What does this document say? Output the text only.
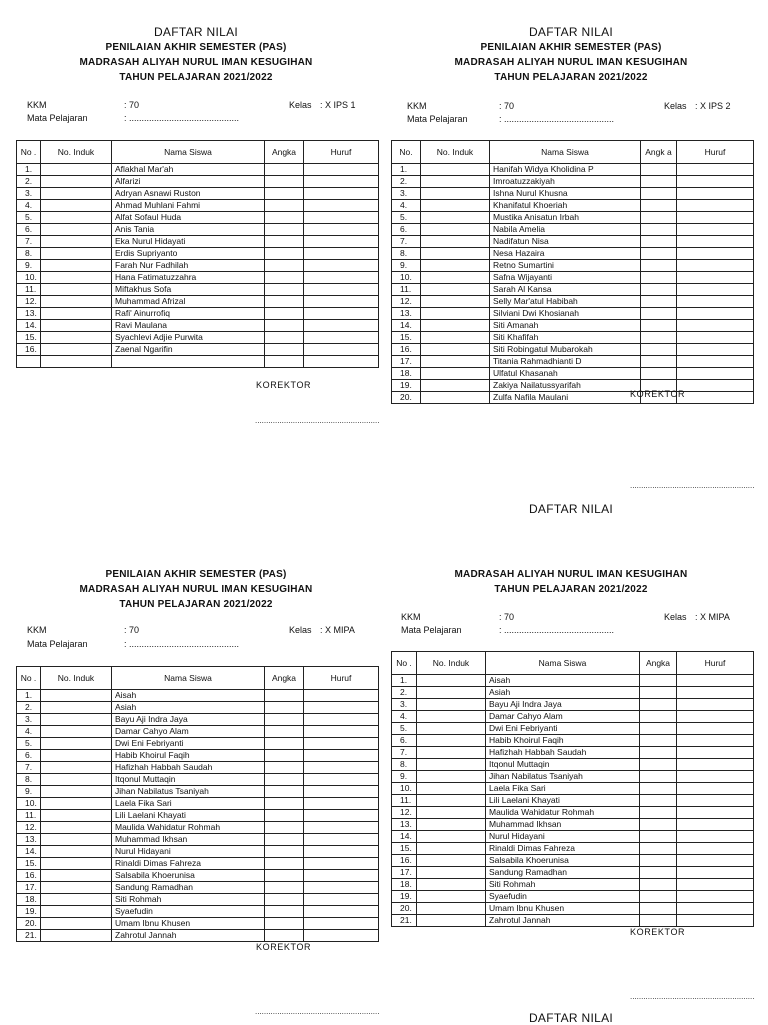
DAFTAR NILAI
PENILAIAN AKHIR SEMESTER (PAS)
MADRASAH ALIYAH NURUL IMAN KESUGIHAN
TAHUN PELAJARAN 2021/2022
KKM	: 70	Kelas : X IPS 1
Mata Pelajaran	: ............................................
No .	No. Induk	Nama Siswa	Angka	Huruf
1.		Aflakhal Mar'ah		
2.		Alfarizi		
3.		Adryan Asnawi Ruston		
4.		Ahmad Muhlani Fahmi		
5.		Alfat Sofaul Huda		
6.		Anis Tania		
7.		Eka Nurul Hidayati		
8.		Erdis Supriyanto		
9.		Farah Nur Fadhilah		
10.		Hana Fatimatuzzahra		
11.		Miftakhus Sofa		
12.		Muhammad Afrizal		
13.		Rafi' Ainurrofiq		
14.		Ravi Maulana		
15.		Syachlevi Adjie Purwita		
16.		Zaenal Ngarifin		

KOREKTOR
........................................................
DAFTAR NILAI
PENILAIAN AKHIR SEMESTER (PAS)
MADRASAH ALIYAH NURUL IMAN KESUGIHAN
TAHUN PELAJARAN 2021/2022
KKM	: 70	Kelas : X IPS 2
Mata Pelajaran	: ............................................
No.	No. Induk	Nama Siswa	Angk a	Huruf
1.		Hanifah Widya Kholidina P		
2.		Imroatuzzakiyah		
3.		Ishna Nurul Khusna		
4.		Khanifatul Khoeriah		
5.		Mustika Anisatun Irbah		
6.		Nabila Amelia		
7.		Nadifatun Nisa		
8.		Nesa Hazaira		
9.		Retno Sumartini		
10.		Safna Wijayanti		
11.		Sarah Al Kansa		
12.		Selly Mar'atul Habibah		
13.		Silviani Dwi Khosianah		
14.		Siti Amanah		
15.		Siti Khafifah		
16.		Siti Robingatul Mubarokah		
17.		Titania Rahmadhianti D		
18.		Ulfatul Khasanah		
19.		Zakiya Nailatussyarifah		
20.		Zulfa Nafila Maulani			KOREKTOR
........................................................
DAFTAR NILAI
PENILAIAN AKHIR SEMESTER (PAS)
MADRASAH ALIYAH NURUL IMAN KESUGIHAN
TAHUN PELAJARAN 2021/2022
KKM	: 70	Kelas : X MIPA
Mata Pelajaran	: ............................................
No .	No. Induk	Nama Siswa	Angka	Huruf
1.		Aisah		
2.		Asiah		
3.		Bayu Aji Indra Jaya		
4.		Damar Cahyo Alam		
5.		Dwi Eni Febriyanti		
6.		Habib Khoirul Faqih		
7.		Hafizhah Habbah Saudah		
8.		Itqonul Muttaqin		
9.		Jihan Nabilatus Tsaniyah		
10.		Laela Fika Sari		
11.		Lili Laelani Khayati		
12.		Maulida Wahidatur Rohmah		
13.		Muhammad Ikhsan		
14.		Nurul Hidayani		
15.		Rinaldi Dimas Fahreza		
16.		Salsabila Khoerunisa		
17.		Sandung Ramadhan		
18.		Siti Rohmah		
19.		Syaefudin		
20.		Umam Ibnu Khusen		
21.		Zahrotul Jannah		
KOREKTOR
........................................................
MADRASAH ALIYAH NURUL IMAN KESUGIHAN
TAHUN PELAJARAN 2021/2022
KKM	: 70	Kelas : X MIPA
Mata Pelajaran	: ............................................
No .	No. Induk	Nama Siswa	Angka	Huruf
1.		Aisah		
2.		Asiah		
3.		Bayu Aji Indra Jaya		
4.		Damar Cahyo Alam		
5.		Dwi Eni Febriyanti		
6.		Habib Khoirul Faqih		
7.		Hafizhah Habbah Saudah		
8.		Itqonul Muttaqin		
9.		Jihan Nabilatus Tsaniyah		
10.		Laela Fika Sari		
11.		Lili Laelani Khayati		
12.		Maulida Wahidatur Rohmah		
13.		Muhammad Ikhsan		
14.		Nurul Hidayani		
15.		Rinaldi Dimas Fahreza		
16.		Salsabila Khoerunisa		
17.		Sandung Ramadhan		
18.		Siti Rohmah		
19.		Syaefudin		
20.		Umam Ibnu Khusen		
21.		Zahrotul Jannah		
KOREKTOR
........................................................
DAFTAR NILAI
